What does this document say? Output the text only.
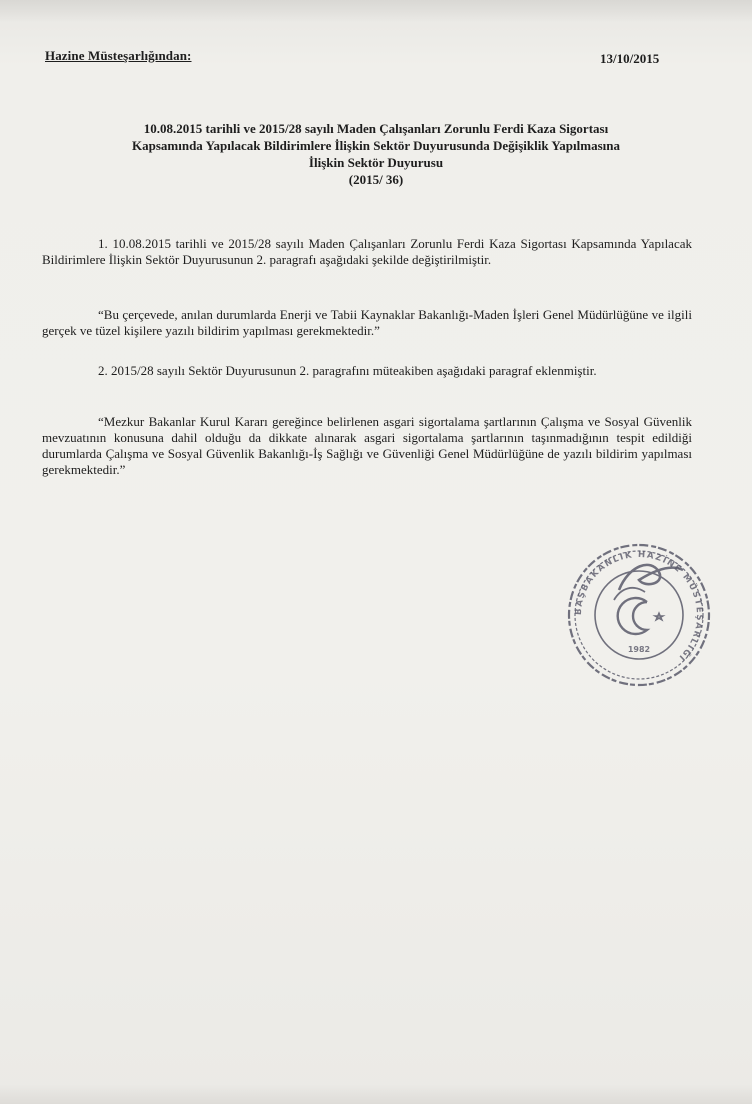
Hazine Müsteşarlığından:	13/10/2015
10.08.2015 tarihli ve 2015/28 sayılı Maden Çalışanları Zorunlu Ferdi Kaza Sigortası
Kapsamında Yapılacak Bildirimlere İlişkin Sektör Duyurusunda Değişiklik Yapılmasına
İlişkin Sektör Duyurusu
(2015/ 36)
1. 10.08.2015 tarihli ve 2015/28 sayılı Maden Çalışanları Zorunlu Ferdi Kaza Sigortası Kapsamında Yapılacak Bildirimlere İlişkin Sektör Duyurusunun 2. paragrafı aşağıdaki şekilde değiştirilmiştir.
“Bu çerçevede, anılan durumlarda Enerji ve Tabii Kaynaklar Bakanlığı-Maden İşleri Genel Müdürlüğüne ve ilgili gerçek ve tüzel kişilere yazılı bildirim yapılması gerekmektedir.”
2. 2015/28 sayılı Sektör Duyurusunun 2. paragrafını müteakiben aşağıdaki paragraf eklenmiştir.
“Mezkur Bakanlar Kurul Kararı gereğince belirlenen asgari sigortalama şartlarının Çalışma ve Sosyal Güvenlik mevzuatının konusuna dahil olduğu da dikkate alınarak asgari sigortalama şartlarının taşınmadığının tespit edildiği durumlarda Çalışma ve Sosyal Güvenlik Bakanlığı-İş Sağlığı ve Güvenliği Genel Müdürlüğüne de yazılı bildirim yapılması gerekmektedir.”
BAŞBAKANLIK HAZİNE MÜSTEŞARLIĞI
1982
